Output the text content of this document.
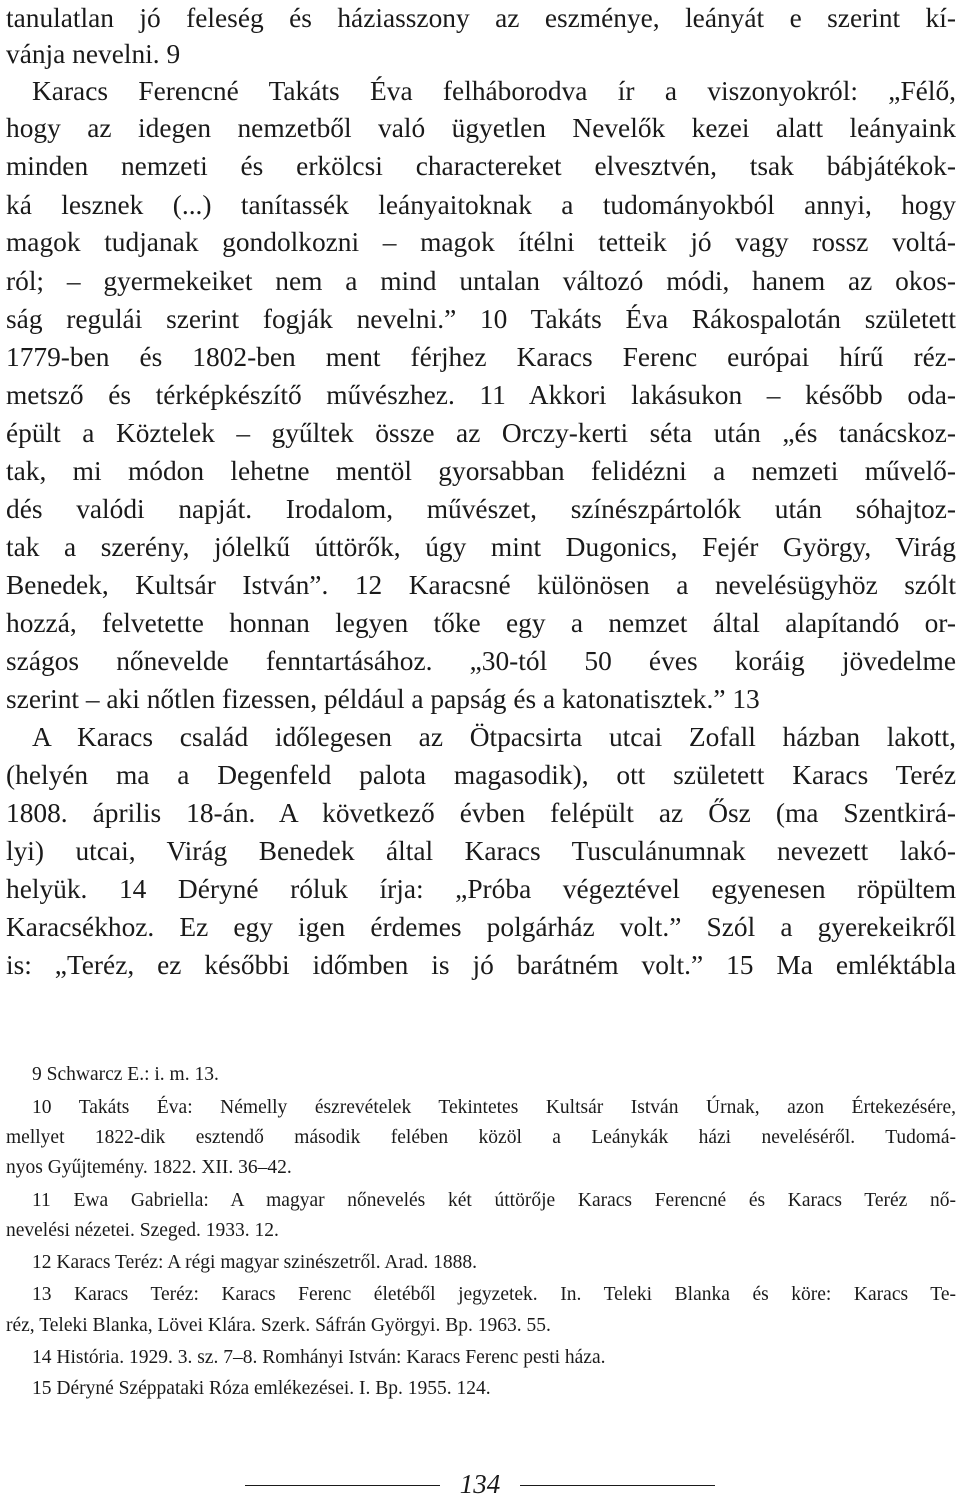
tanulatlan jó feleség és háziasszony az eszménye, leányát e szerint kí-
vánja nevelni. 9
Karacs Ferencné Takáts Éva felháborodva ír a viszonyokról: „Félő,
hogy az idegen nemzetből való ügyetlen Nevelők kezei alatt leányaink
minden nemzeti és erkölcsi charactereket elvesztvén, tsak bábjátékok-
ká lesznek (...) tanítassék leányaitoknak a tudományokból annyi, hogy
magok tudjanak gondolkozni – magok ítélni tetteik jó vagy rossz voltá-
ról; – gyermekeiket nem a mind untalan változó módi, hanem az okos-
ság regulái szerint fogják nevelni.” 10 Takáts Éva Rákospalotán született
1779-ben és 1802-ben ment férjhez Karacs Ferenc európai hírű réz-
metsző és térképkészítő művészhez. 11 Akkori lakásukon – később oda-
épült a Köztelek – gyűltek össze az Orczy-kerti séta után „és tanácskoz-
tak, mi módon lehetne mentöl gyorsabban felidézni a nemzeti művelő-
dés valódi napját. Irodalom, művészet, színészpártolók után sóhajtoz-
tak a szerény, jólelkű úttörők, úgy mint Dugonics, Fejér György, Virág
Benedek, Kultsár István”. 12 Karacsné különösen a nevelésügyhöz szólt
hozzá, felvetette honnan legyen tőke egy a nemzet által alapítandó or-
szágos nőnevelde fenntartásához. „30-tól 50 éves koráig jövedelme
szerint – aki nőtlen fizessen, például a papság és a katonatisztek.” 13
A Karacs család időlegesen az Ötpacsirta utcai Zofall házban lakott,
(helyén ma a Degenfeld palota magasodik), ott született Karacs Teréz
1808. április 18-án. A következő évben felépült az Ősz (ma Szentkirá-
lyi) utcai, Virág Benedek által Karacs Tusculánumnak nevezett lakó-
helyük. 14 Déryné róluk írja: „Próba végeztével egyenesen röpültem
Karacsékhoz. Ez egy igen érdemes polgárház volt.” Szól a gyerekeikről
is: „Teréz, ez későbbi időmben is jó barátném volt.” 15 Ma emléktábla
9 Schwarcz E.: i. m. 13.
10 Takáts Éva: Némelly észrevételek Tekintetes Kultsár István Úrnak, azon Értekezésére,
mellyet 1822-dik esztendő második felében közöl a Leánykák házi neveléséről. Tudomá-
nyos Gyűjtemény. 1822. XII. 36–42.
11 Ewa Gabriella: A magyar nőnevelés két úttörője Karacs Ferencné és Karacs Teréz nő-
nevelési nézetei. Szeged. 1933. 12.
12 Karacs Teréz: A régi magyar szinészetről. Arad. 1888.
13 Karacs Teréz: Karacs Ferenc életéből jegyzetek. In. Teleki Blanka és köre: Karacs Te-
réz, Teleki Blanka, Lövei Klára. Szerk. Sáfrán Györgyi. Bp. 1963. 55.
14 História. 1929. 3. sz. 7–8. Romhányi István: Karacs Ferenc pesti háza.
15 Déryné Széppataki Róza emlékezései. I. Bp. 1955. 124.
134
